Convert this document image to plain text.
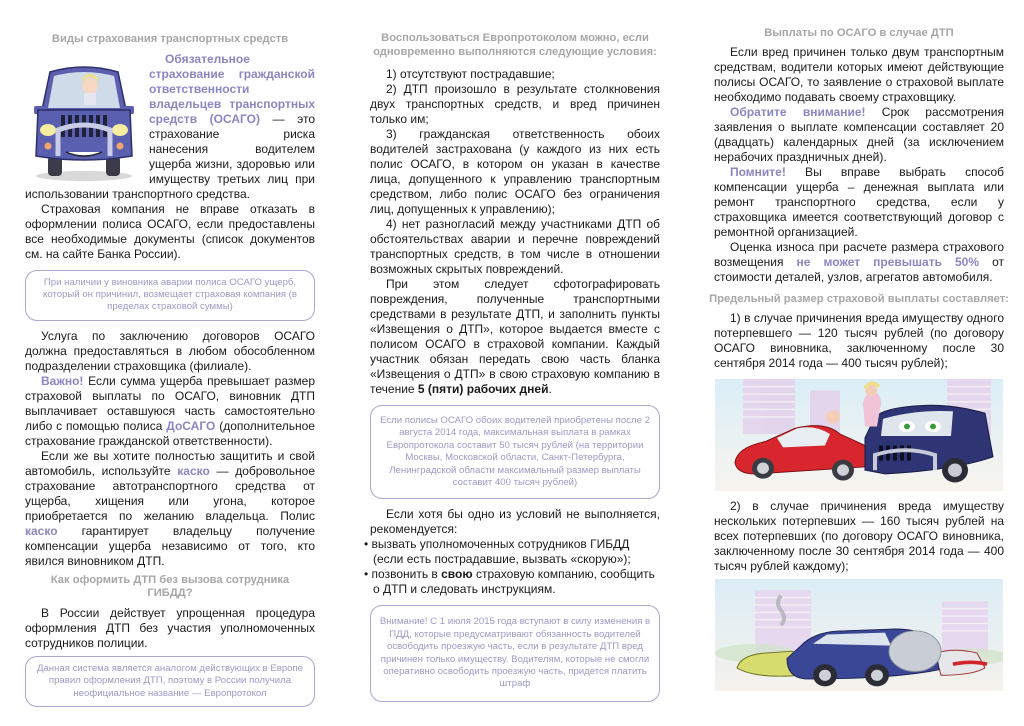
Виды страхования транспортных средств
Обязательное страхование гражданской ответственности владельцев транспортных средств (ОСАГО) — это страхование риска нанесения водителем ущерба жизни, здоровью или имуществу третьих лиц при использовании транспортного средства.
Страховая компания не вправе отказать в оформлении полиса ОСАГО, если предоставлены все необходимые документы (список документов см. на сайте Банка России).
При наличии у виновника аварии полиса ОСАГО ущерб, который он причинил, возмещает страховая компания (в пределах страховой суммы)
Услуга по заключению договоров ОСАГО должна предоставляться в любом обособленном подразделении страховщика (филиале).
Важно! Если сумма ущерба превышает размер страховой выплаты по ОСАГО, виновник ДТП выплачивает оставшуюся часть самостоятельно либо с помощью полиса ДоСАГО (дополнительное страхование гражданской ответственности).
Если же вы хотите полностью защитить и свой автомобиль, используйте каско — добровольное страхование автотранспортного средства от ущерба, хищения или угона, которое приобретается по желанию владельца. Полис каско гарантирует владельцу получение компенсации ущерба независимо от того, кто явился виновником ДТП.
Как оформить ДТП без вызова сотрудника ГИБДД?
В России действует упрощенная процедура оформления ДТП без участия уполномоченных сотрудников полиции.
Данная система является аналогом действующих в Европе правил оформления ДТП, поэтому в России получила неофициальное название — Европротокол
Воспользоваться Европротоколом можно, если одновременно выполняются следующие условия:
1) отсутствуют пострадавшие;
2) ДТП произошло в результате столкновения двух транспортных средств, и вред причинен только им;
3) гражданская ответственность обоих водителей застрахована (у каждого из них есть полис ОСАГО, в котором он указан в качестве лица, допущенного к управлению транспортным средством, либо полис ОСАГО без ограничения лиц, допущенных к управлению);
4) нет разногласий между участниками ДТП об обстоятельствах аварии и перечне повреждений транспортных средств, в том числе в отношении возможных скрытых повреждений.
При этом следует сфотографировать повреждения, полученные транспортными средствами в результате ДТП, и заполнить пункты «Извещения о ДТП», которое выдается вместе с полисом ОСАГО в страховой компании. Каждый участник обязан передать свою часть бланка «Извещения о ДТП» в свою страховую компанию в течение 5 (пяти) рабочих дней.
Если полисы ОСАГО обоих водителей приобретены после 2 августа 2014 года, максимальная выплата в рамках Европротокола составит 50 тысяч рублей (на территории Москвы, Московской области, Санкт-Петербурга, Ленинградской области максимальный размер выплаты составит 400 тысяч рублей)
Если хотя бы одно из условий не выполняется, рекомендуется:
• вызвать уполномоченных сотрудников ГИБДД (если есть пострадавшие, вызвать «скорую»);
• позвонить в свою страховую компанию, сообщить о ДТП и следовать инструкциям.
Внимание! С 1 июля 2015 года вступают в силу изменения в ПДД, которые предусматривают обязанность водителей освободить проезжую часть, если в результате ДТП вред причинен только имуществу. Водителям, которые не смогли оперативно освободить проезжую часть, придется платить штраф
Выплаты по ОСАГО в случае ДТП
Если вред причинен только двум транспортным средствам, водители которых имеют действующие полисы ОСАГО, то заявление о страховой выплате необходимо подавать своему страховщику.
Обратите внимание! Срок рассмотрения заявления о выплате компенсации составляет 20 (двадцать) календарных дней (за исключением нерабочих праздничных дней).
Помните! Вы вправе выбрать способ компенсации ущерба – денежная выплата или ремонт транспортного средства, если у страховщика имеется соответствующий договор с ремонтной организацией.
Оценка износа при расчете размера страхового возмещения не может превышать 50% от стоимости деталей, узлов, агрегатов автомобиля.
Предельный размер страховой выплаты составляет:
1) в случае причинения вреда имуществу одного потерпевшего — 120 тысяч рублей (по договору ОСАГО виновника, заключенному после 30 сентября 2014 года — 400 тысяч рублей);
2) в случае причинения вреда имуществу нескольких потерпевших — 160 тысяч рублей на всех потерпевших (по договору ОСАГО виновника, заключенному после 30 сентября 2014 года — 400 тысяч рублей каждому);
